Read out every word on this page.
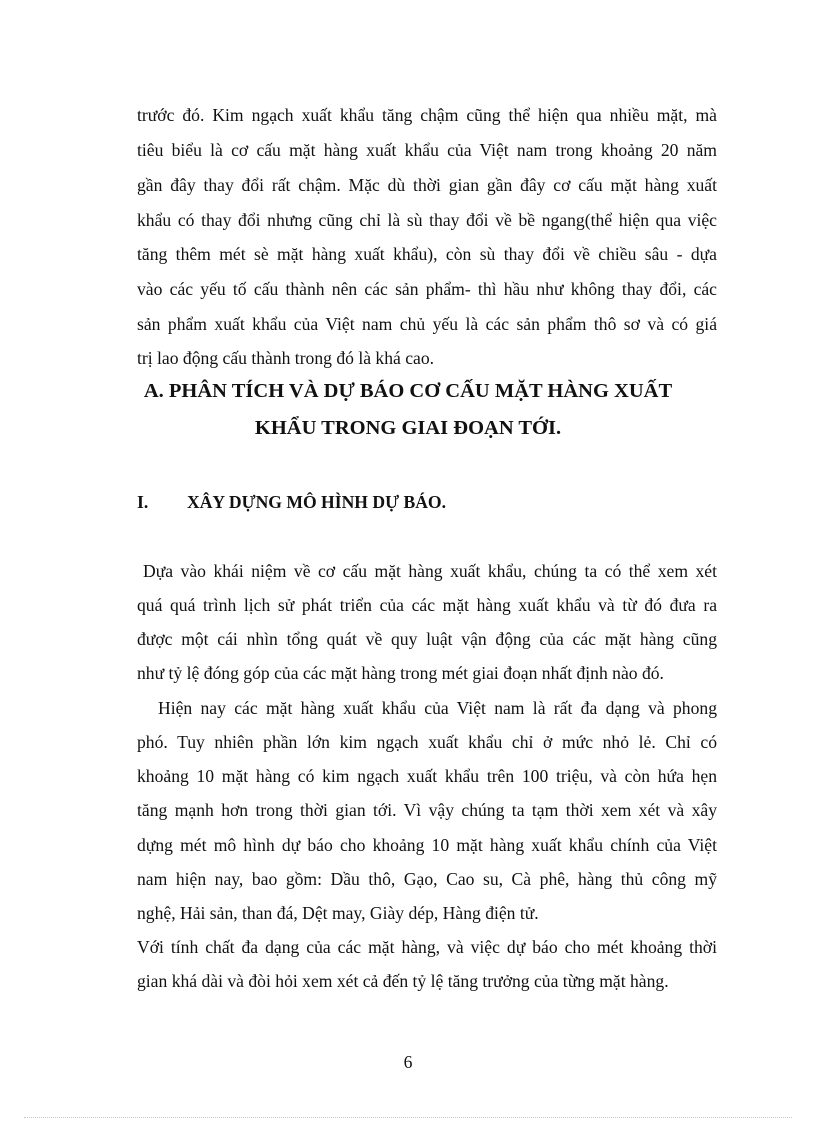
trước đó. Kim ngạch xuất khẩu tăng chậm cũng thể hiện qua nhiều mặt, mà
tiêu biểu là cơ cấu mặt hàng xuất khẩu của Việt nam trong khoảng 20 năm
gần đây thay đổi rất chậm. Mặc dù thời gian gần đây cơ cấu mặt hàng xuất
khẩu có thay đổi nhưng cũng chỉ là sù thay đổi về bề ngang(thể hiện qua việc
tăng thêm mét sè mặt hàng xuất khẩu), còn sù thay đổi về chiều sâu - dựa
vào các yếu tố cấu thành nên các sản phẩm- thì hầu như không thay đổi, các
sản phẩm xuất khẩu của Việt nam chủ yếu là các sản phẩm thô sơ và có giá
trị lao động cấu thành trong đó là khá cao.
A. PHÂN TÍCH VÀ DỰ BÁO CƠ CẤU MẶT HÀNG XUẤT
KHẨU TRONG GIAI ĐOẠN TỚI.
I. XÂY DỰNG MÔ HÌNH DỰ BÁO.
Dựa vào khái niệm về cơ cấu mặt hàng xuất khẩu, chúng ta có thể xem xét
quá quá trình lịch sử phát triển của các mặt hàng xuất khẩu và từ đó đưa ra
được một cái nhìn tổng quát về quy luật vận động của các mặt hàng cũng
như tỷ lệ đóng góp của các mặt hàng trong mét giai đoạn nhất định nào đó.
Hiện nay các mặt hàng xuất khẩu của Việt nam là rất đa dạng và phong
phó. Tuy nhiên phần lớn kim ngạch xuất khẩu chỉ ở mức nhỏ lẻ. Chỉ có
khoảng 10 mặt hàng có kim ngạch xuất khẩu trên 100 triệu, và còn hứa hẹn
tăng mạnh hơn trong thời gian tới. Vì vậy chúng ta tạm thời xem xét và xây
dựng mét mô hình dự báo cho khoảng 10 mặt hàng xuất khẩu chính của Việt
nam hiện nay, bao gồm: Dầu thô, Gạo, Cao su, Cà phê, hàng thủ công mỹ
nghệ, Hải sản, than đá, Dệt may, Giày dép, Hàng điện tử.
Với tính chất đa dạng của các mặt hàng, và việc dự báo cho mét khoảng thời
gian khá dài và đòi hỏi xem xét cả đến tỷ lệ tăng trưởng của từng mặt hàng.
6
